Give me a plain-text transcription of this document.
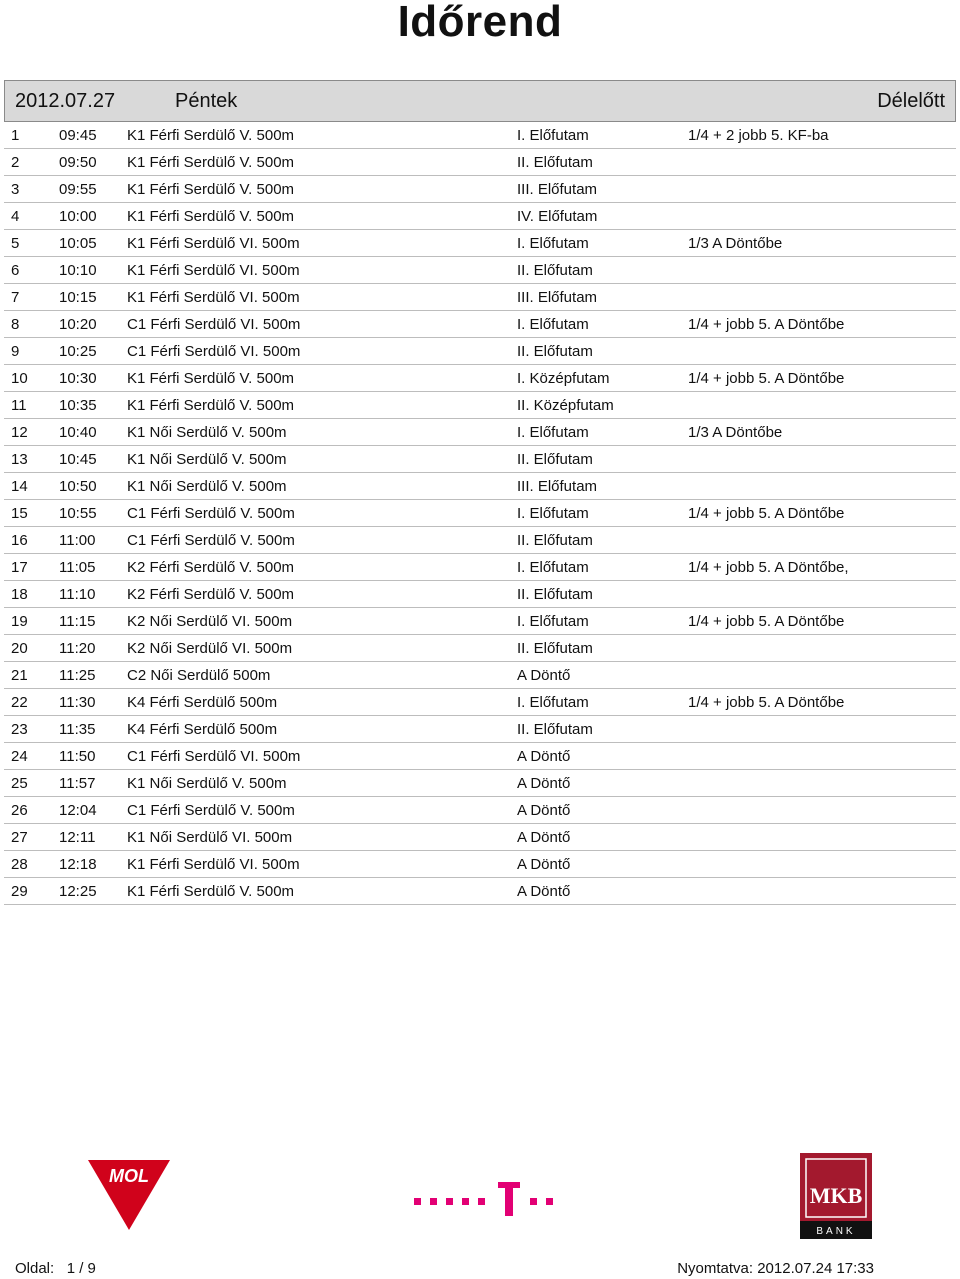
Időrend
2012.07.27	Péntek	Délelőtt
1	09:45 K1 Férfi Serdülő V. 500m	I. Előfutam	1/4 + 2 jobb 5. KF-ba
2	09:50 K1 Férfi Serdülő V. 500m	II. Előfutam
3	09:55 K1 Férfi Serdülő V. 500m	III. Előfutam
4	10:00 K1 Férfi Serdülő V. 500m	IV. Előfutam
5	10:05 K1 Férfi Serdülő VI. 500m	I. Előfutam	1/3 A Döntőbe
6	10:10 K1 Férfi Serdülő VI. 500m	II. Előfutam
7	10:15 K1 Férfi Serdülő VI. 500m	III. Előfutam
8	10:20 C1 Férfi Serdülő VI. 500m	I. Előfutam	1/4 + jobb 5. A Döntőbe
9	10:25 C1 Férfi Serdülő VI. 500m	II. Előfutam
10 10:30 K1 Férfi Serdülő V. 500m	I. Középfutam	1/4 + jobb 5. A Döntőbe
11 10:35 K1 Férfi Serdülő V. 500m	II. Középfutam
12 10:40 K1 Női Serdülő V. 500m	I. Előfutam	1/3 A Döntőbe
13 10:45 K1 Női Serdülő V. 500m	II. Előfutam
14 10:50 K1 Női Serdülő V. 500m	III. Előfutam
15 10:55 C1 Férfi Serdülő V. 500m	I. Előfutam	1/4 + jobb 5. A Döntőbe
16 11:00 C1 Férfi Serdülő V. 500m	II. Előfutam
17 11:05 K2 Férfi Serdülő V. 500m	I. Előfutam	1/4 + jobb 5. A Döntőbe,
18 11:10 K2 Férfi Serdülő V. 500m	II. Előfutam
19 11:15 K2 Női Serdülő VI. 500m	I. Előfutam	1/4 + jobb 5. A Döntőbe
20 11:20 K2 Női Serdülő VI. 500m	II. Előfutam
21 11:25 C2 Női Serdülő 500m	A Döntő
22 11:30 K4 Férfi Serdülő 500m	I. Előfutam	1/4 + jobb 5. A Döntőbe
23 11:35 K4 Férfi Serdülő 500m	II. Előfutam
24 11:50 C1 Férfi Serdülő VI. 500m	A Döntő
25 11:57 K1 Női Serdülő V. 500m	A Döntő
26 12:04 C1 Férfi Serdülő V. 500m	A Döntő
27 12:11 K1 Női Serdülő VI. 500m	A Döntő
28 12:18 K1 Férfi Serdülő VI. 500m	A Döntő
29 12:25 K1 Férfi Serdülő V. 500m	A Döntő
MOL
MKB
BANK
Oldal: 1 / 9	Nyomtatva: 2012.07.24 17:33
